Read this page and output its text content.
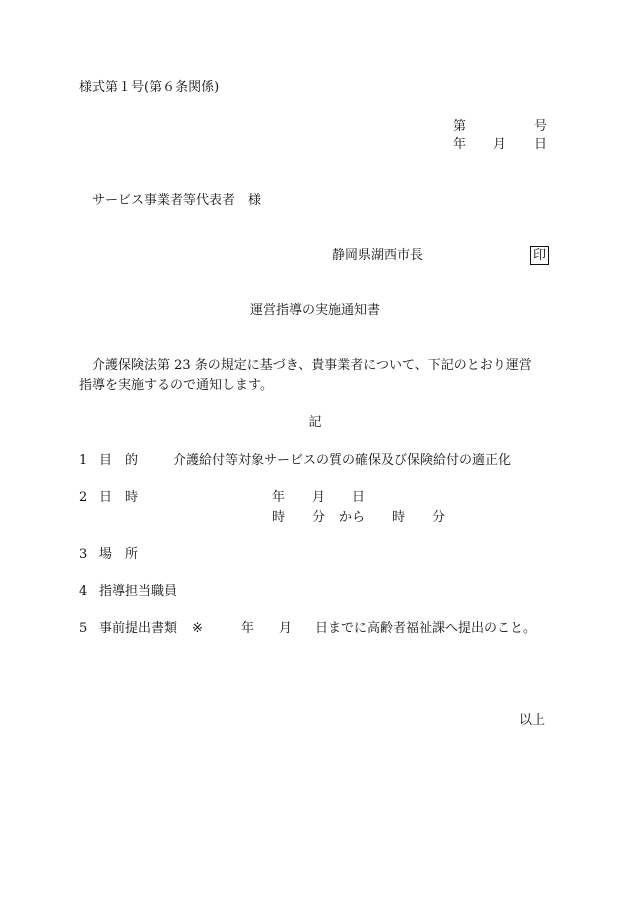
様式第１号(第６条関係)
第	号
年 月 日
サービス事業者等代表者　様
静岡県湖西市長	印
運営指導の実施通知書
介護保険法第 23 条の規定に基づき、貴事業者について、下記のとおり運営
指導を実施するので通知します。
記
1 目　的	介護給付等対象サービスの質の確保及び保険給付の適正化
2 日　時	年 月 日
時 分 から 時 分
3 場　所
4 指導担当職員
5 事前提出書類 ※	年 月 日までに高齢者福祉課へ提出のこと。
以上
